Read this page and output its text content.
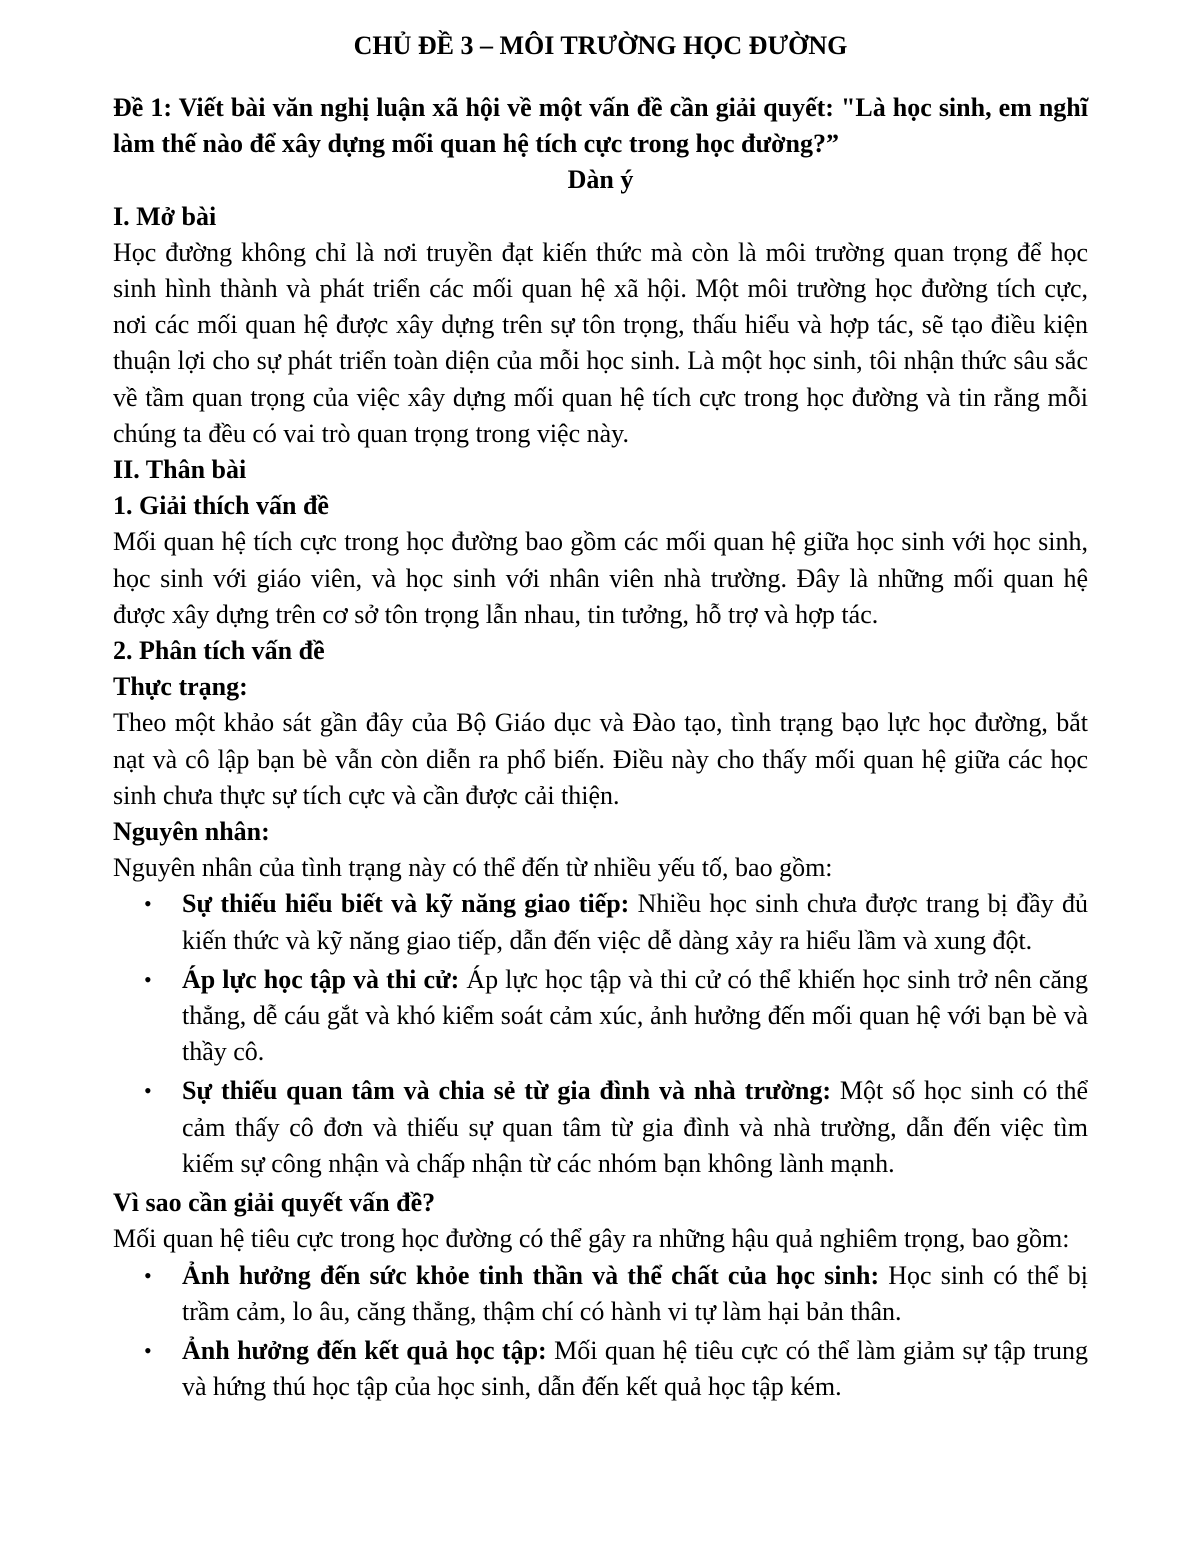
CHỦ ĐỀ 3 – MÔI TRƯỜNG HỌC ĐƯỜNG

Đề 1: Viết bài văn nghị luận xã hội về một vấn đề cần giải quyết: "Là học sinh, em nghĩ làm thế nào để xây dựng mối quan hệ tích cực trong học đường?”

Dàn ý

I. Mở bài

Học đường không chỉ là nơi truyền đạt kiến thức mà còn là môi trường quan trọng để học sinh hình thành và phát triển các mối quan hệ xã hội. Một môi trường học đường tích cực, nơi các mối quan hệ được xây dựng trên sự tôn trọng, thấu hiểu và hợp tác, sẽ tạo điều kiện thuận lợi cho sự phát triển toàn diện của mỗi học sinh. Là một học sinh, tôi nhận thức sâu sắc về tầm quan trọng của việc xây dựng mối quan hệ tích cực trong học đường và tin rằng mỗi chúng ta đều có vai trò quan trọng trong việc này.

II. Thân bài

1. Giải thích vấn đề

Mối quan hệ tích cực trong học đường bao gồm các mối quan hệ giữa học sinh với học sinh, học sinh với giáo viên, và học sinh với nhân viên nhà trường. Đây là những mối quan hệ được xây dựng trên cơ sở tôn trọng lẫn nhau, tin tưởng, hỗ trợ và hợp tác.

2. Phân tích vấn đề

Thực trạng:

Theo một khảo sát gần đây của Bộ Giáo dục và Đào tạo, tình trạng bạo lực học đường, bắt nạt và cô lập bạn bè vẫn còn diễn ra phổ biến. Điều này cho thấy mối quan hệ giữa các học sinh chưa thực sự tích cực và cần được cải thiện.

Nguyên nhân:

Nguyên nhân của tình trạng này có thể đến từ nhiều yếu tố, bao gồm:

• Sự thiếu hiểu biết và kỹ năng giao tiếp: Nhiều học sinh chưa được trang bị đầy đủ kiến thức và kỹ năng giao tiếp, dẫn đến việc dễ dàng xảy ra hiểu lầm và xung đột.
• Áp lực học tập và thi cử: Áp lực học tập và thi cử có thể khiến học sinh trở nên căng thẳng, dễ cáu gắt và khó kiểm soát cảm xúc, ảnh hưởng đến mối quan hệ với bạn bè và thầy cô.
• Sự thiếu quan tâm và chia sẻ từ gia đình và nhà trường: Một số học sinh có thể cảm thấy cô đơn và thiếu sự quan tâm từ gia đình và nhà trường, dẫn đến việc tìm kiếm sự công nhận và chấp nhận từ các nhóm bạn không lành mạnh.

Vì sao cần giải quyết vấn đề?

Mối quan hệ tiêu cực trong học đường có thể gây ra những hậu quả nghiêm trọng, bao gồm:

• Ảnh hưởng đến sức khỏe tinh thần và thể chất của học sinh: Học sinh có thể bị trầm cảm, lo âu, căng thẳng, thậm chí có hành vi tự làm hại bản thân.
• Ảnh hưởng đến kết quả học tập: Mối quan hệ tiêu cực có thể làm giảm sự tập trung và hứng thú học tập của học sinh, dẫn đến kết quả học tập kém.
